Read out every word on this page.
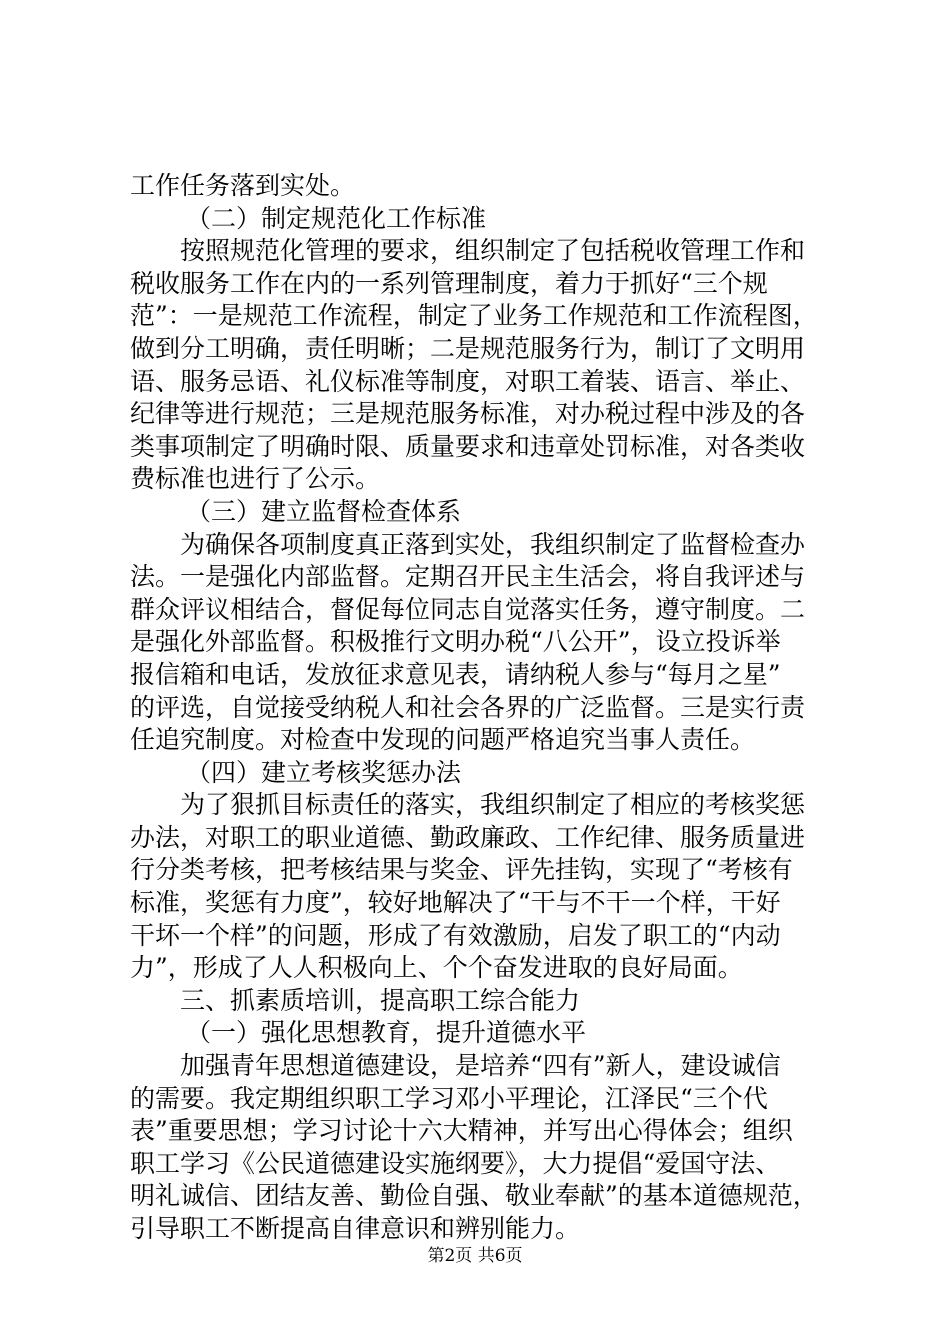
工作任务落到实处。
（二）制定规范化工作标准
按照规范化管理的要求，组织制定了包括税收管理工作和
税收服务工作在内的一系列管理制度，着力于抓好“三个规
范”：一是规范工作流程，制定了业务工作规范和工作流程图，
做到分工明确，责任明晰；二是规范服务行为，制订了文明用
语、服务忌语、礼仪标准等制度，对职工着装、语言、举止、
纪律等进行规范；三是规范服务标准，对办税过程中涉及的各
类事项制定了明确时限、质量要求和违章处罚标准，对各类收
费标准也进行了公示。
（三）建立监督检查体系
为确保各项制度真正落到实处，我组织制定了监督检查办
法。一是强化内部监督。定期召开民主生活会，将自我评述与
群众评议相结合，督促每位同志自觉落实任务，遵守制度。二
是强化外部监督。积极推行文明办税“八公开”，设立投诉举
报信箱和电话，发放征求意见表，请纳税人参与“每月之星”
的评选，自觉接受纳税人和社会各界的广泛监督。三是实行责
任追究制度。对检查中发现的问题严格追究当事人责任。
（四）建立考核奖惩办法
为了狠抓目标责任的落实，我组织制定了相应的考核奖惩
办法，对职工的职业道德、勤政廉政、工作纪律、服务质量进
行分类考核，把考核结果与奖金、评先挂钩，实现了“考核有
标准，奖惩有力度”，较好地解决了“干与不干一个样，干好
干坏一个样”的问题，形成了有效激励，启发了职工的“内动
力”，形成了人人积极向上、个个奋发进取的良好局面。
三、抓素质培训，提高职工综合能力
（一）强化思想教育，提升道德水平
加强青年思想道德建设，是培养“四有”新人，建设诚信
的需要。我定期组织职工学习邓小平理论，江泽民“三个代
表”重要思想；学习讨论十六大精神，并写出心得体会；组织
职工学习《公民道德建设实施纲要》，大力提倡“爱国守法、
明礼诚信、团结友善、勤俭自强、敬业奉献”的基本道德规范，
引导职工不断提高自律意识和辨别能力。
第2页 共6页
